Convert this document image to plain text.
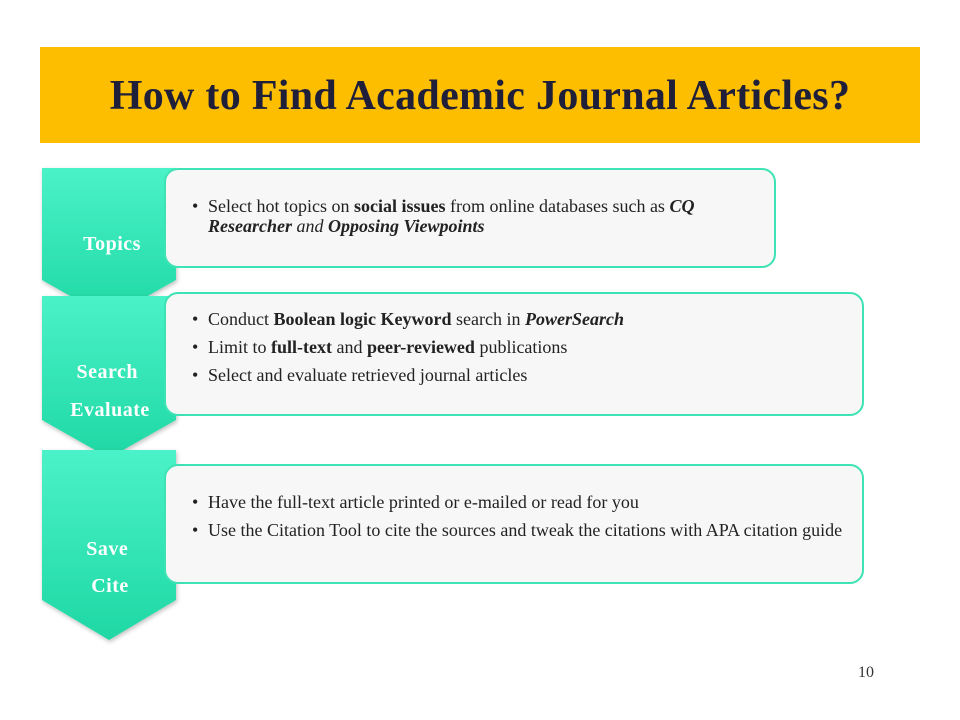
How to Find Academic Journal Articles?
Topics
Search Evaluate
Save Cite
• Select hot topics on social issues from online databases such as CQ Researcher and Opposing Viewpoints
• Conduct Boolean logic Keyword search in PowerSearch
• Limit to full-text and peer-reviewed publications
• Select and evaluate retrieved journal articles
• Have the full-text article printed or e-mailed or read for you
• Use the Citation Tool to cite the sources and tweak the citations with APA citation guide
10
